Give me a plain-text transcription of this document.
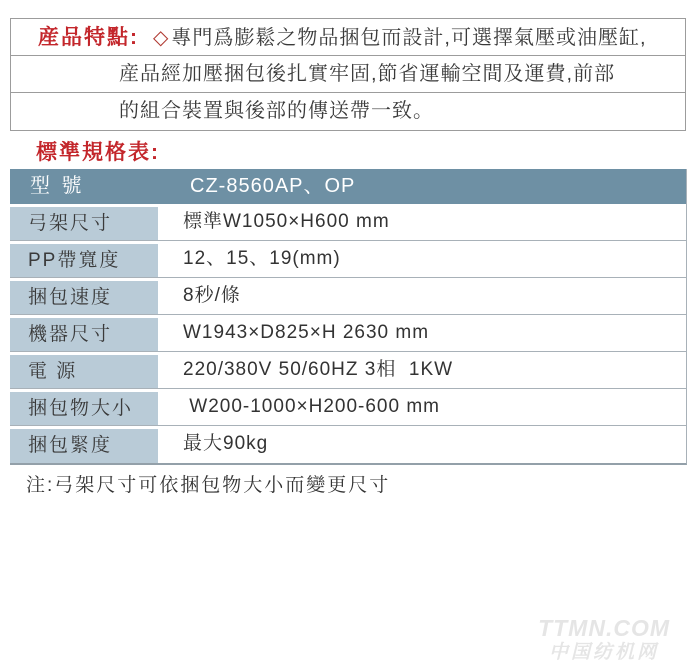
産品特點: ◇ 專門爲膨鬆之物品捆包而設計,可選擇氣壓或油壓缸,
産品經加壓捆包後扎實牢固,節省運輸空間及運費,前部
的組合裝置與後部的傳送帶一致。
標準規格表:
型 號	CZ-8560AP、OP
弓架尺寸	標準W1050×H600 mm
PP帶寬度	12、15、19(mm)
捆包速度	8秒/條
機器尺寸	W1943×D825×H 2630 mm
電 源	220/380V 50/60HZ 3相  1KW
捆包物大小	W200-1000×H200-600 mm
捆包緊度	最大90kg
注:弓架尺寸可依捆包物大小而變更尺寸
TTMN.COM
中国纺机网
